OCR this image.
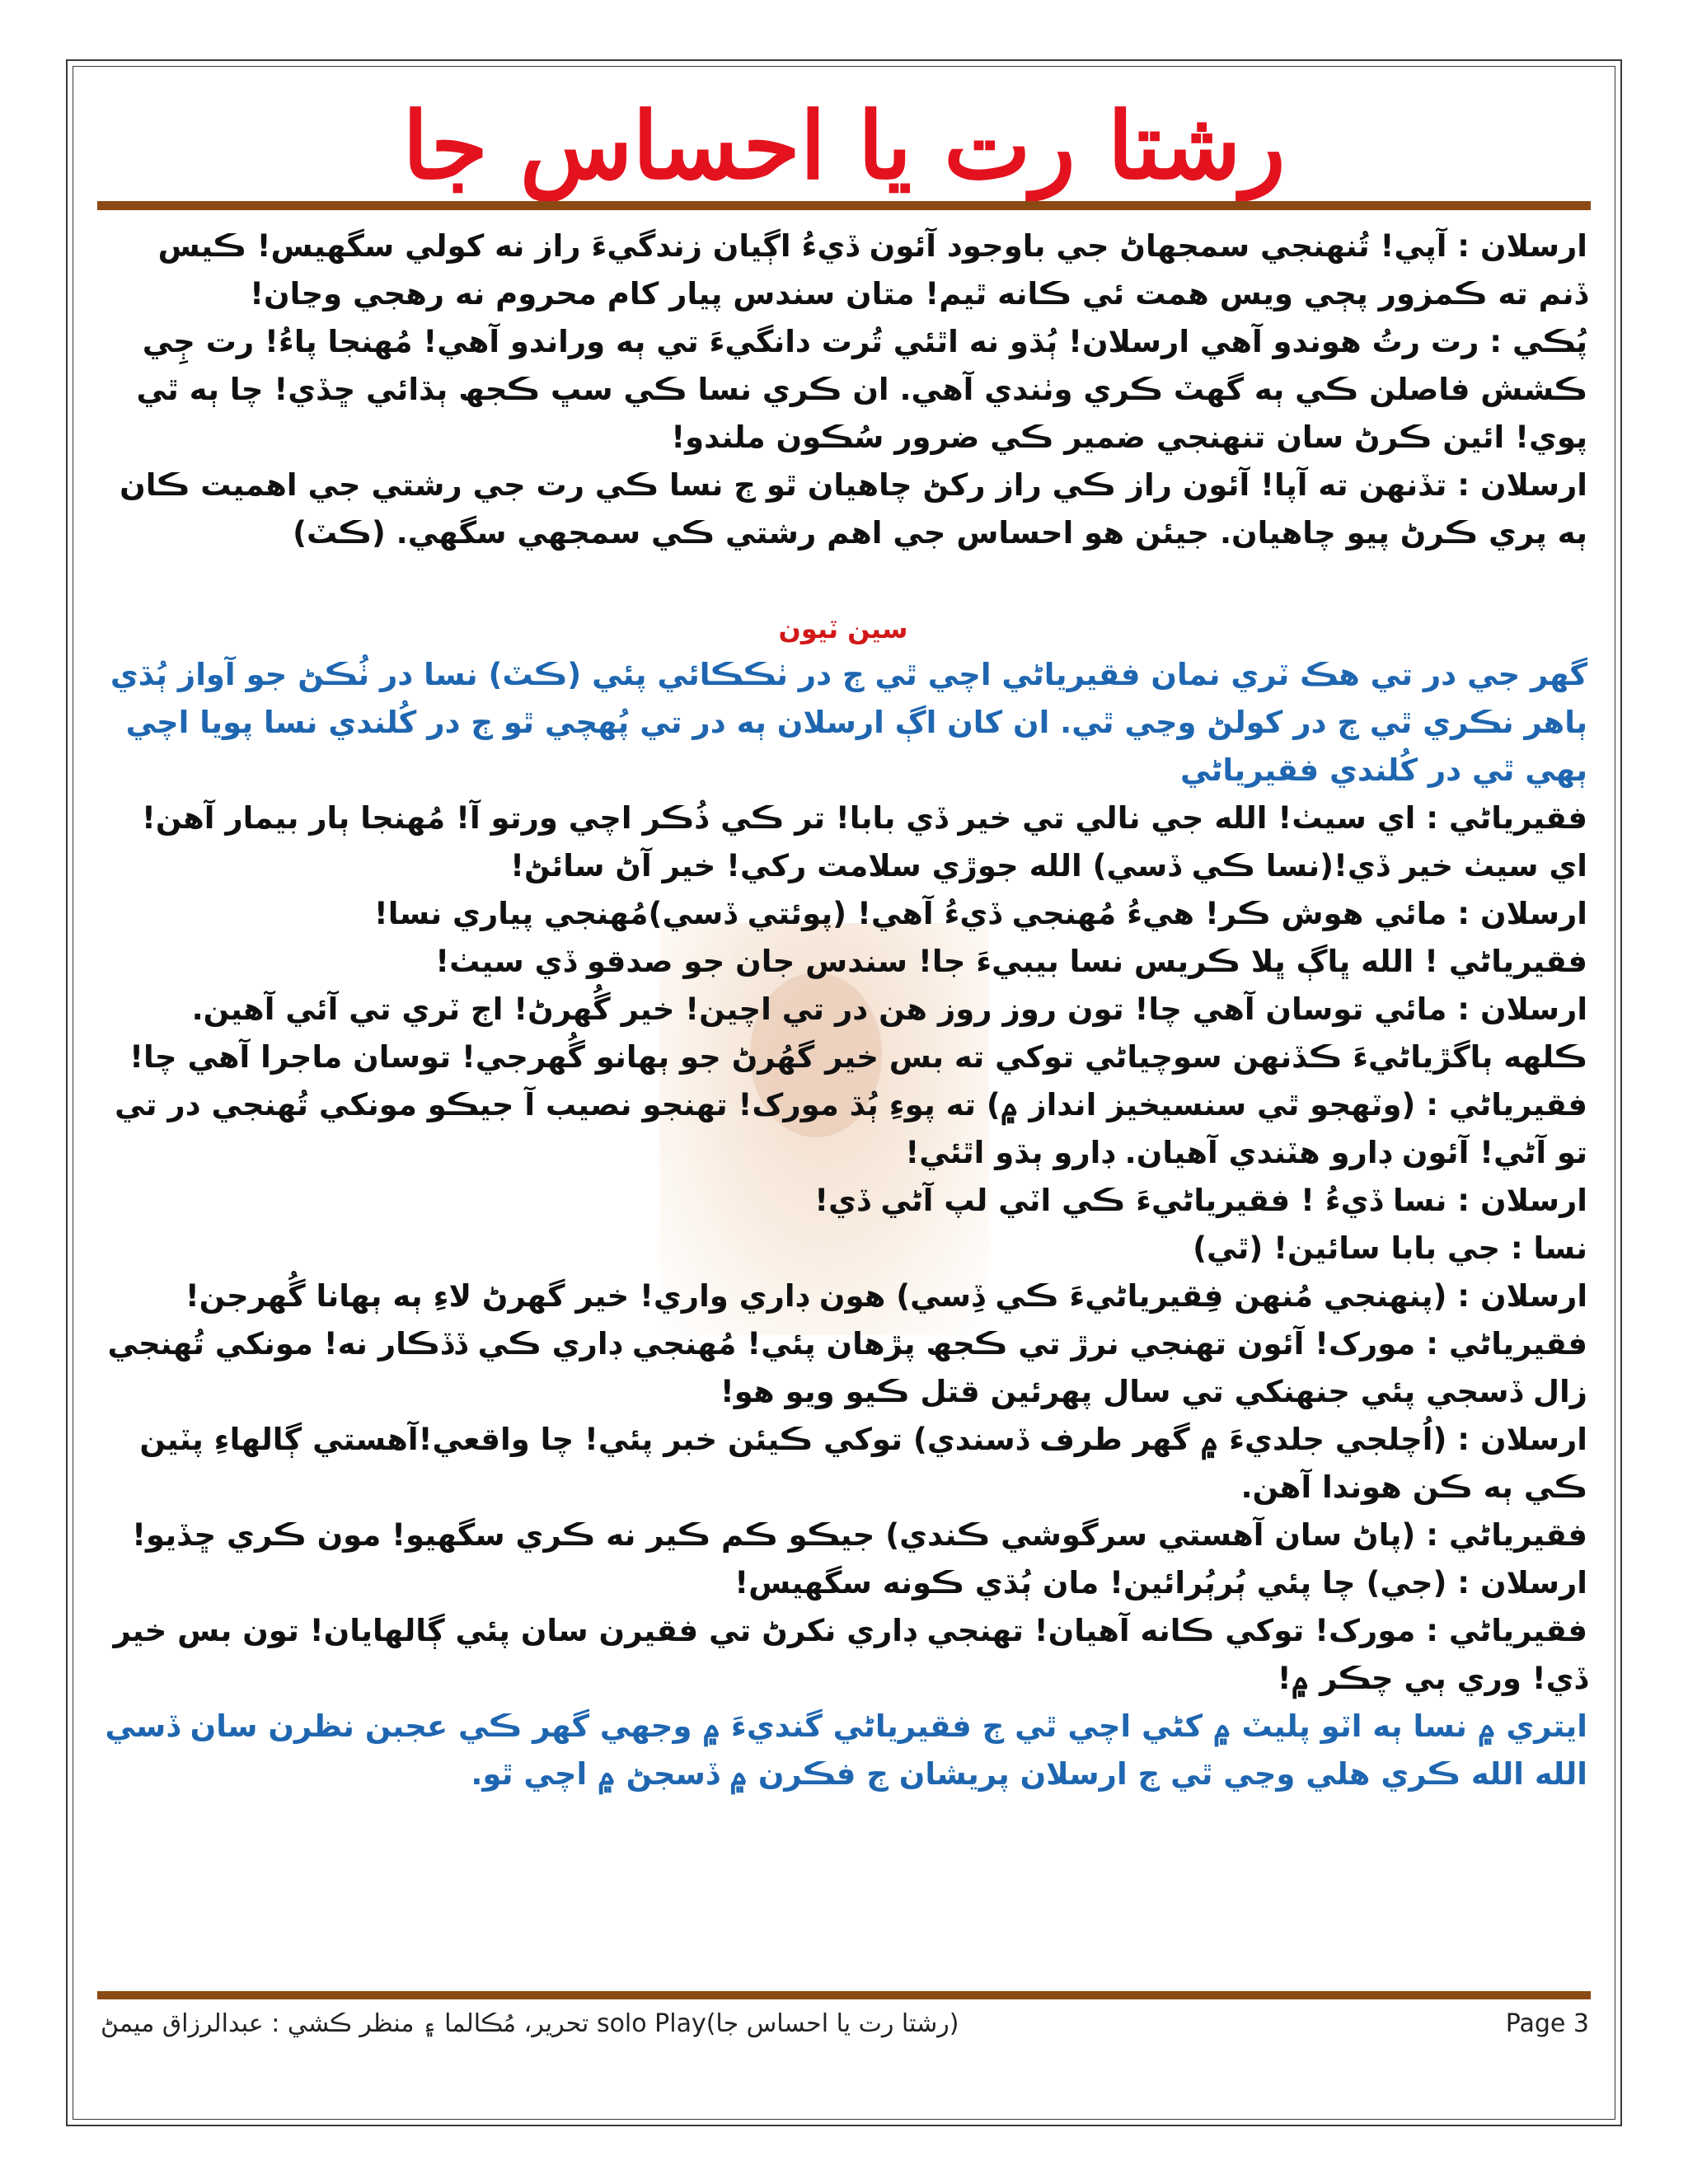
رشتا رت يا احساس جا

ارسلان : آپي! تُنهنجي سمجهاڻ جي باوجود آئون ڏيءُ اڳيان زندگيءَ راز نه کولي سگهيس! ڪيس ڏنم ته ڪمزور پڄي ويس همت ئي ڪانه ٿيم! متان سندس پيار کام محروم نه رهجي وڃان!

پُڪي : رت رتُ هوندو آهي ارسلان! ٻُڌو نه اٿئي تُرت دانگيءَ تي ٻه وراندو آهي! مُهنجا پاءُ! رت ڄِي ڪشش فاصلن ڪي ٻه گهٽ ڪري وٺندي آهي. ان ڪري نسا ڪي سڀ ڪجھ ٻڌائي ڇڏي! چا ٻه ٿي پوي! ائين ڪرڻ سان تنهنجي ضمير ڪي ضرور سُڪون ملندو!

ارسلان : تڏنهن ته آپا! آئون راز ڪي راز رکڻ چاهيان ٿو ڄ نسا ڪي رت جي رشتي جي اهميت ڪان ٻه پري ڪرڻ پيو چاهيان. جيئن هو احساس جي اهم رشتي ڪي سمجهي سگهي. (ڪٽ)

سين ٽيون

گهر جي در تي هڪ ٽري نمان فقيرياڻي اچي ٿي ڄ در ٺڪڪائي پئي (ڪٽ) نسا در ٺُڪڻ جو آواز ٻُڌي ٻاهر نڪري ٿي ڄ در کولڻ وڃي ٿي. ان کان اڳ ارسلان ٻه در تي پُهچي ٿو ڄ در کُلندي نسا پويا اچي ٻهي ٿي در کُلندي فقيرياڻي

فقيرياڻي : اي سيٺ! الله جي نالي تي خير ڏي بابا! تر ڪي ذُڪر اچي ورتو آ! مُهنجا ٻار بيمار آهن! اي سيٺ خير ڏي!(نسا ڪي ڏسي) الله جوڙي سلامت رکي! خير آڻ سائڻ!

ارسلان : مائي هوش ڪر! هيءُ مُهنجي ڏيءُ آهي! (پوئتي ڏسي)مُهنجي پياري نسا!

فقيرياڻي ! الله ڀاڳ ڀلا ڪريس نسا بيبيءَ جا! سندس جان جو صدقو ڏي سيٺ!

ارسلان : مائي توسان آهي چا! تون روز روز هن در تي اچين! خير گُهرڻ! اڄ ٽري تي آئي آهين. ڪلهه ٻاگڙياڻيءَ ڪڏنهن سوچياڻي توکي ته بس خير گهُرڻ جو ٻهانو گُهرجي! توسان ماجرا آهي چا!

فقيرياڻي : (وٽهجو ٿي سنسيخيز انداز ۾) ته پوءِ ٻُڌ مورک! تهنجو نصيب آ جيڪو مونکي تُهنجي در تي تو آڻي! آئون ڊارو هٽندي آهيان. ڊارو ٻڌو اٿئي!

ارسلان : نسا ڏيءُ ! فقيرياڻيءَ ڪي اٽي لپ آڻي ڏي!

نسا : جي بابا سائين! (ٿي)

ارسلان : (پنهنجي مُنهن فِقيرياڻيءَ ڪي ڏِسي) هون ڊاري واري! خير گهرڻ لاءِ ٻه ٻهانا گُهرجن!

فقيرياڻي : مورک! آئون تهنجي نرڙ تي ڪجھ پڙهان پئي! مُهنجي ڊاري ڪي ڏڏڪار نه! مونکي تُهنجي زال ڏسجي پئي جنهنکي تي سال پهرئين قتل ڪيو ويو هو!

ارسلان : (اُچلجي جلديءَ ۾ گهر طرف ڏسندي) توکي ڪيئن خبر پئي! چا واقعي!آهستي ڳالهاءِ پٽين ڪي ٻه ڪن هوندا آهن.

فقيرياڻي : (پاڻ سان آهستي سرگوشي ڪندي) جيڪو ڪم ڪير نه ڪري سگهيو! مون ڪري ڇڏيو!

ارسلان : (جي) چا پئي ٻُرٻُرائين! مان ٻُڌي ڪونه سگهيس!

فقيرياڻي : مورک! توکي ڪانه آهيان! تهنجي ڊاري نکرڻ تي فقيرن سان پئي ڳالهايان! تون بس خير ڏي! وري ٻي چڪر ۾!

ايتري ۾ نسا ٻه اٽو پليٽ ۾ کڻي اچي ٿي ڄ فقيرياڻي گنديءَ ۾ وجهي گهر ڪي عجبن نظرن سان ڏسي الله الله ڪري هلي وڃي ٿي ڄ ارسلان پريشان ڄ فڪرن ۾ ڏسجڻ ۾ اچي ٿو.

(رشتا رت يا احساس جا)solo Play تحرير، مُڪالما ۽ منظر ڪشي : عبدالرزاق ميمڻ	Page 3
